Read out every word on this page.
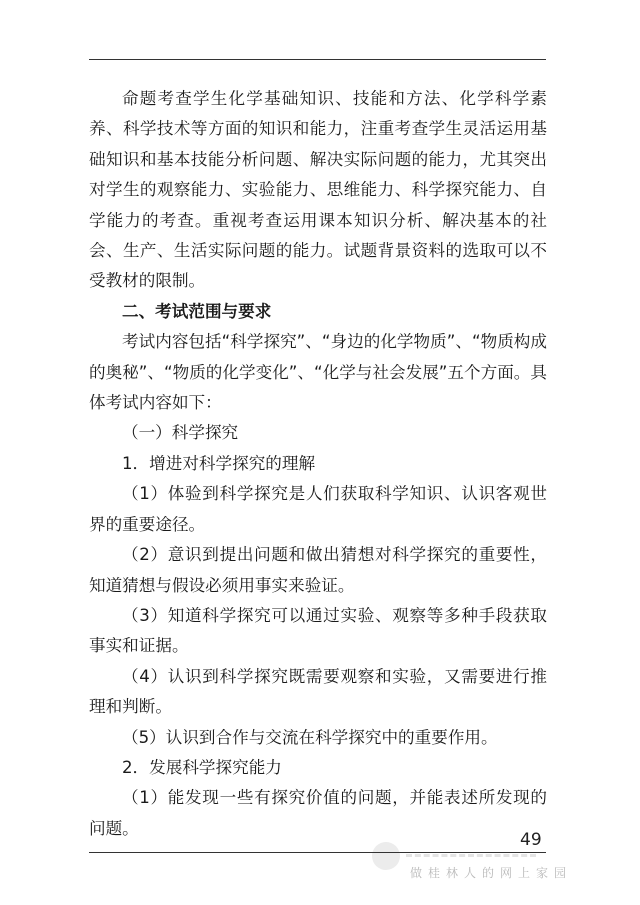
命题考查学生化学基础知识、技能和方法、化学科学素养、科学技术等方面的知识和能力，注重考查学生灵活运用基础知识和基本技能分析问题、解决实际问题的能力，尤其突出对学生的观察能力、实验能力、思维能力、科学探究能力、自学能力的考查。重视考查运用课本知识分析、解决基本的社会、生产、生活实际问题的能力。试题背景资料的选取可以不受教材的限制。

二、考试范围与要求

考试内容包括“科学探究”、“身边的化学物质”、“物质构成的奥秘”、“物质的化学变化”、“化学与社会发展”五个方面。具体考试内容如下：

（一）科学探究

1．增进对科学探究的理解

（1）体验到科学探究是人们获取科学知识、认识客观世界的重要途径。

（2）意识到提出问题和做出猜想对科学探究的重要性，知道猜想与假设必须用事实来验证。

（3）知道科学探究可以通过实验、观察等多种手段获取事实和证据。

（4）认识到科学探究既需要观察和实验，又需要进行推理和判断。

（5）认识到合作与交流在科学探究中的重要作用。

2．发展科学探究能力

（1）能发现一些有探究价值的问题，并能表述所发现的问题。

做桂林人的网上家园
49
